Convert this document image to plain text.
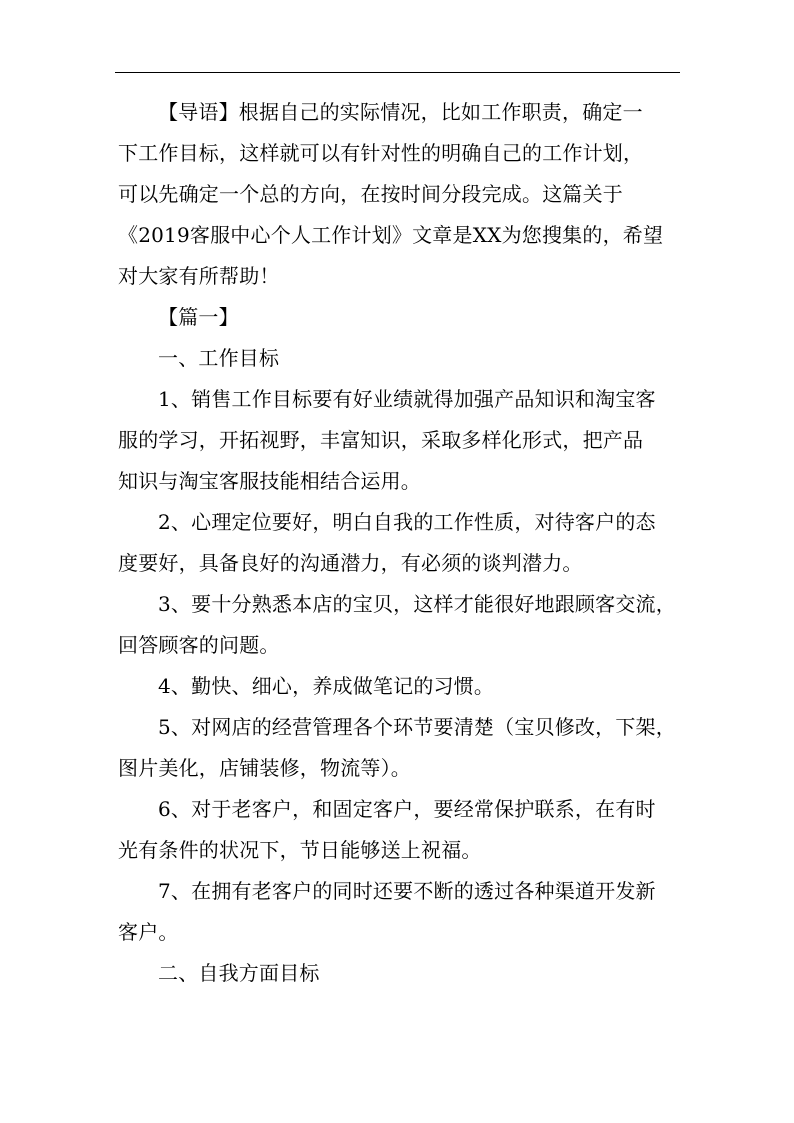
【导语】根据自己的实际情况，比如工作职责，确定一

下工作目标，这样就可以有针对性的明确自己的工作计划，

可以先确定一个总的方向，在按时间分段完成。这篇关于

《2019客服中心个人工作计划》文章是XX为您搜集的，希望

对大家有所帮助！

【篇一】

一、工作目标

1、销售工作目标要有好业绩就得加强产品知识和淘宝客

服的学习，开拓视野，丰富知识，采取多样化形式，把产品

知识与淘宝客服技能相结合运用。

2、心理定位要好，明白自我的工作性质，对待客户的态

度要好，具备良好的沟通潜力，有必须的谈判潜力。

3、要十分熟悉本店的宝贝，这样才能很好地跟顾客交流，

回答顾客的问题。

4、勤快、细心，养成做笔记的习惯。

5、对网店的经营管理各个环节要清楚（宝贝修改，下架，

图片美化，店铺装修，物流等）。

6、对于老客户，和固定客户，要经常保护联系，在有时

光有条件的状况下，节日能够送上祝福。

7、在拥有老客户的同时还要不断的透过各种渠道开发新

客户。

二、自我方面目标
